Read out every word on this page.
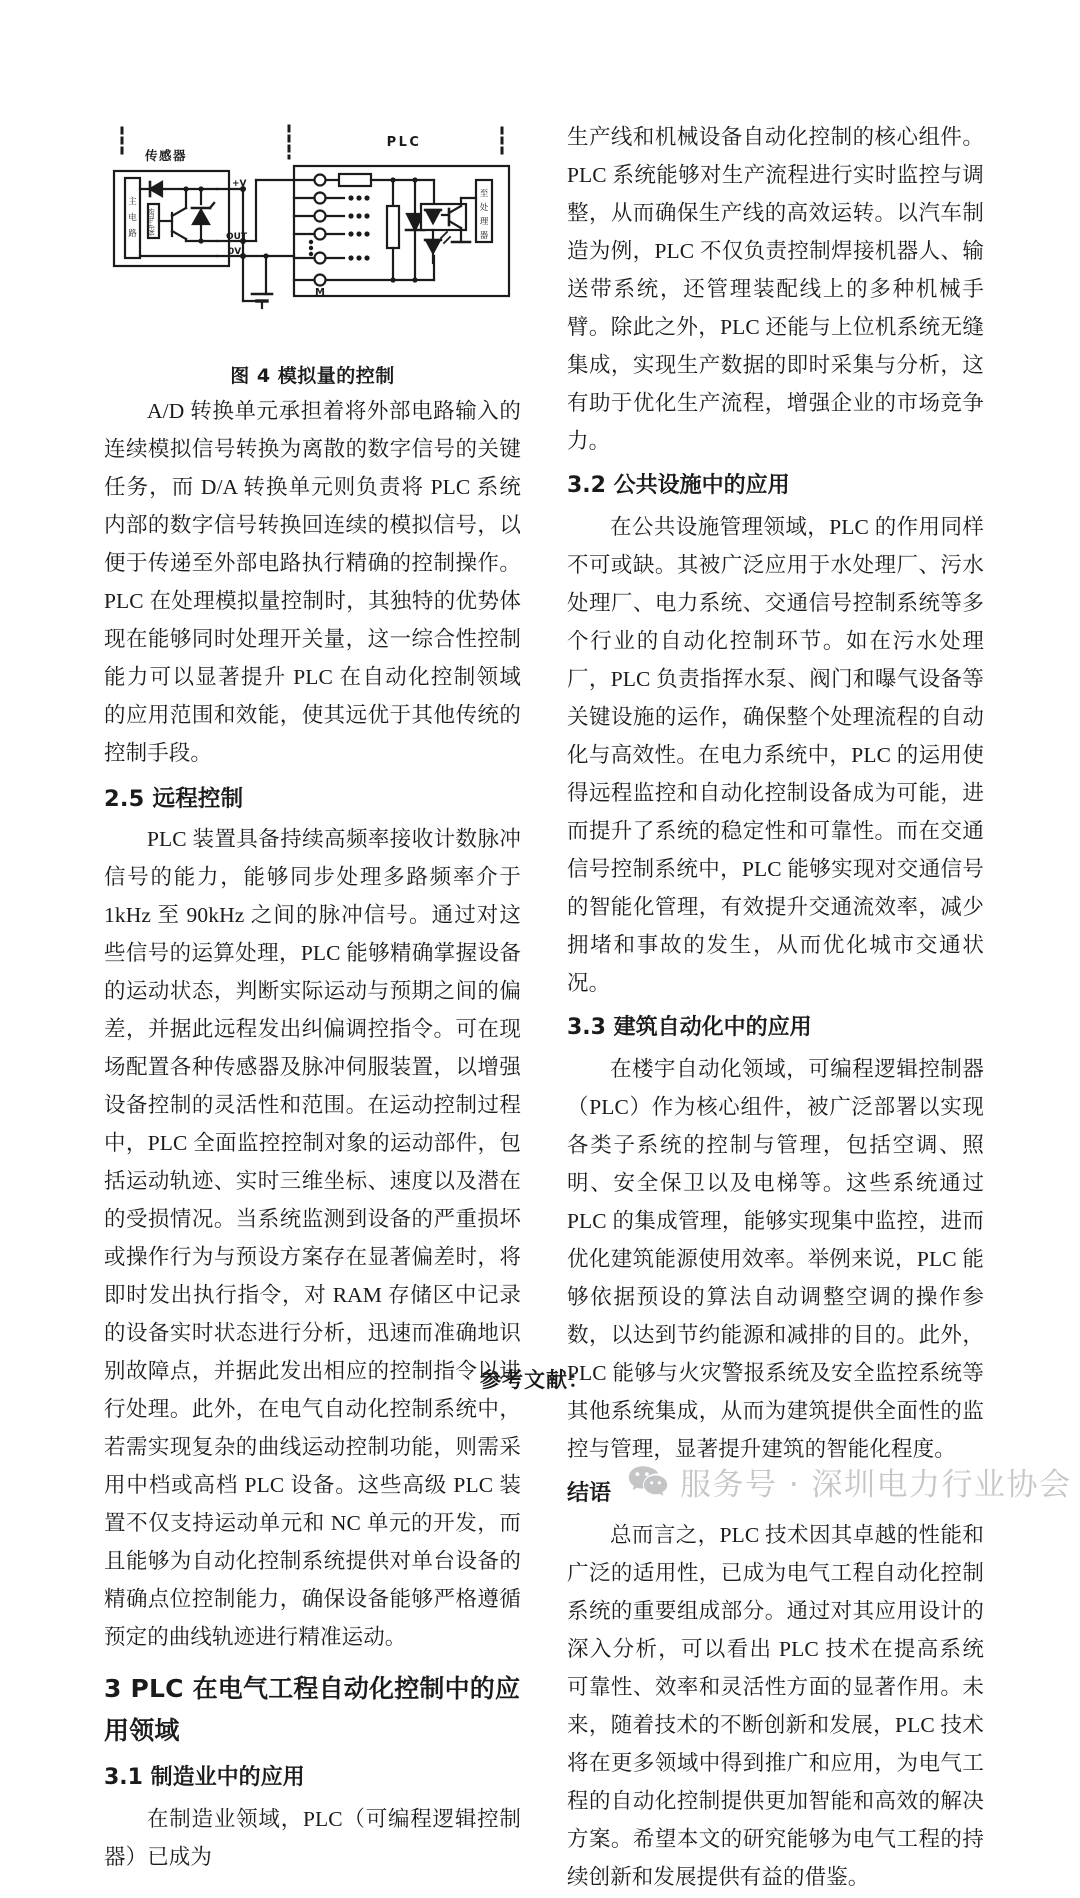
传感器
PLC
主
电
路 保护电路
至
处
理
器
+V
OUT
0V
M
图 4 模拟量的控制

A/D 转换单元承担着将外部电路输入的连续模拟信号转换为离散的数字信号的关键任务，而 D/A 转换单元则负责将 PLC 系统内部的数字信号转换回连续的模拟信号，以便于传递至外部电路执行精确的控制操作。PLC 在处理模拟量控制时，其独特的优势体现在能够同时处理开关量，这一综合性控制能力可以显著提升 PLC 在自动化控制领域的应用范围和效能，使其远优于其他传统的控制手段。

2.5 远程控制

PLC 装置具备持续高频率接收计数脉冲信号的能力，能够同步处理多路频率介于 1kHz 至 90kHz 之间的脉冲信号。通过对这些信号的运算处理，PLC 能够精确掌握设备的运动状态，判断实际运动与预期之间的偏差，并据此远程发出纠偏调控指令。可在现场配置各种传感器及脉冲伺服装置，以增强设备控制的灵活性和范围。在运动控制过程中，PLC 全面监控控制对象的运动部件，包括运动轨迹、实时三维坐标、速度以及潜在的受损情况。当系统监测到设备的严重损坏或操作行为与预设方案存在显著偏差时，将即时发出执行指令，对 RAM 存储区中记录的设备实时状态进行分析，迅速而准确地识别故障点，并据此发出相应的控制指令以进行处理。此外，在电气自动化控制系统中，若需实现复杂的曲线运动控制功能，则需采用中档或高档 PLC 设备。这些高级 PLC 装置不仅支持运动单元和 NC 单元的开发，而且能够为自动化控制系统提供对单台设备的精确点位控制能力，确保设备能够严格遵循预定的曲线轨迹进行精准运动。

3 PLC 在电气工程自动化控制中的应用领域
3.1 制造业中的应用

在制造业领域，PLC（可编程逻辑控制器）已成为

生产线和机械设备自动化控制的核心组件。PLC 系统能够对生产流程进行实时监控与调整，从而确保生产线的高效运转。以汽车制造为例，PLC 不仅负责控制焊接机器人、输送带系统，还管理装配线上的多种机械手臂。除此之外，PLC 还能与上位机系统无缝集成，实现生产数据的即时采集与分析，这有助于优化生产流程，增强企业的市场竞争力。

3.2 公共设施中的应用

在公共设施管理领域，PLC 的作用同样不可或缺。其被广泛应用于水处理厂、污水处理厂、电力系统、交通信号控制系统等多个行业的自动化控制环节。如在污水处理厂，PLC 负责指挥水泵、阀门和曝气设备等关键设施的运作，确保整个处理流程的自动化与高效性。在电力系统中，PLC 的运用使得远程监控和自动化控制设备成为可能，进而提升了系统的稳定性和可靠性。而在交通信号控制系统中，PLC 能够实现对交通信号的智能化管理，有效提升交通流效率，减少拥堵和事故的发生，从而优化城市交通状况。

3.3 建筑自动化中的应用

在楼宇自动化领域，可编程逻辑控制器（PLC）作为核心组件，被广泛部署以实现各类子系统的控制与管理，包括空调、照明、安全保卫以及电梯等。这些系统通过 PLC 的集成管理，能够实现集中监控，进而优化建筑能源使用效率。举例来说，PLC 能够依据预设的算法自动调整空调的操作参数，以达到节约能源和减排的目的。此外，PLC 能够与火灾警报系统及安全监控系统等其他系统集成，从而为建筑提供全面性的监控与管理，显著提升建筑的智能化程度。

结语

总而言之，PLC 技术因其卓越的性能和广泛的适用性，已成为电气工程自动化控制系统的重要组成部分。通过对其应用设计的深入分析，可以看出 PLC 技术在提高系统可靠性、效率和灵活性方面的显著作用。未来，随着技术的不断创新和发展，PLC 技术将在更多领域中得到推广和应用，为电气工程的自动化控制提供更加智能和高效的解决方案。希望本文的研究能够为电气工程的持续创新和发展提供有益的借鉴。

参考文献：
服务号 · 深圳电力行业协会
